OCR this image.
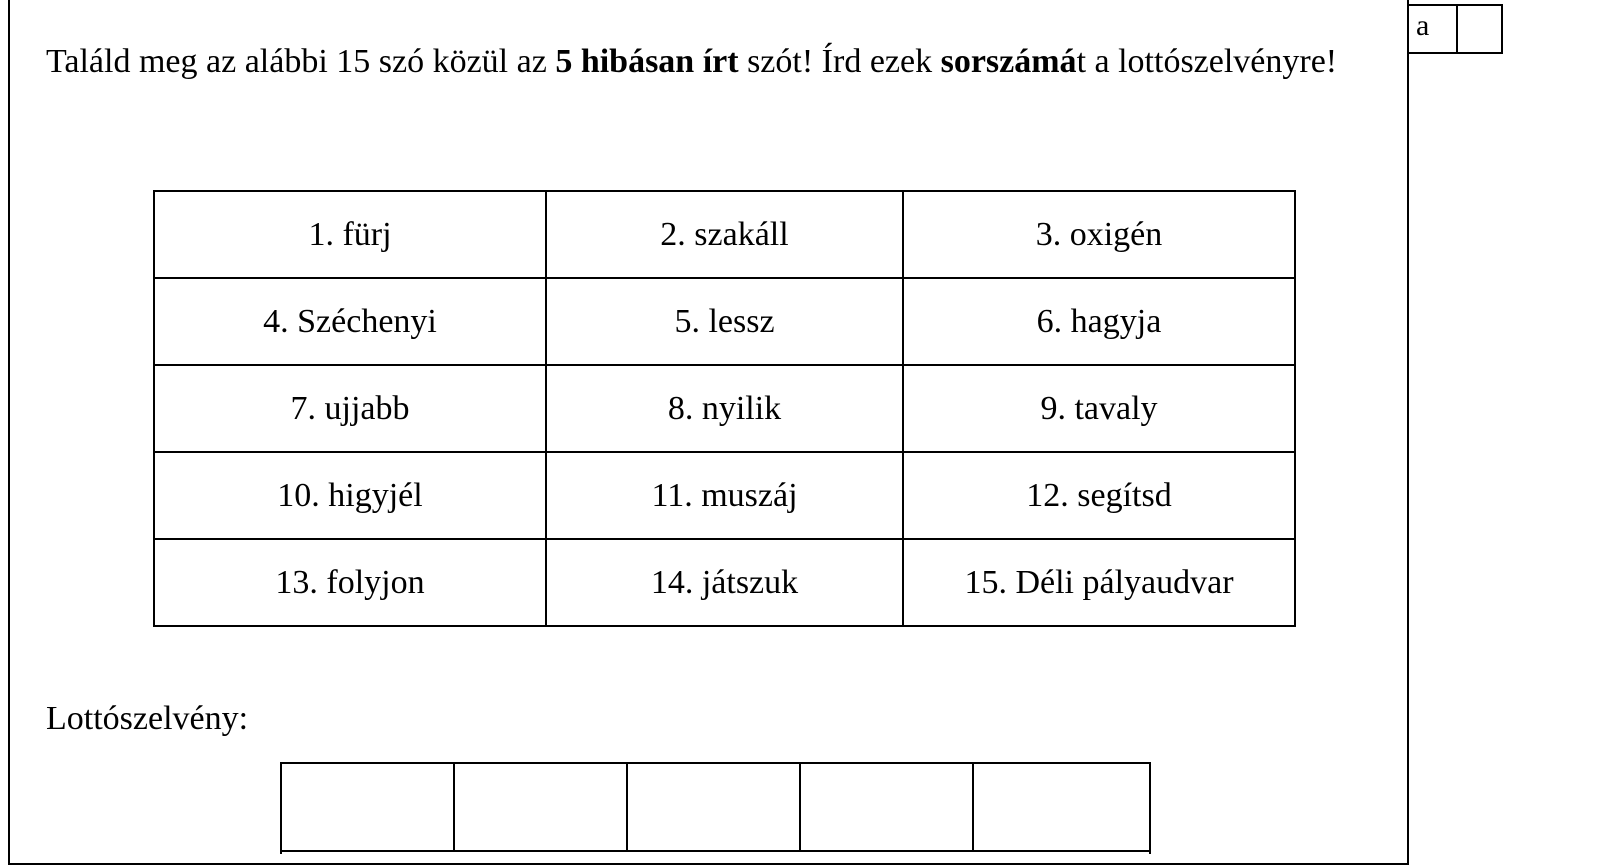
Találd meg az alábbi 15 szó közül az 5 hibásan írt szót! Írd ezek sorszámát a lottószelvényre!

1. fürj	2. szakáll	3. oxigén
4. Széchenyi	5. lessz	6. hagyja
7. ujjabb	8. nyilik	9. tavaly
10. higyjél	11. muszáj	12. segítsd
13. folyjon	14. játszuk	15. Déli pályaudvar

Lottószelvény:

a
